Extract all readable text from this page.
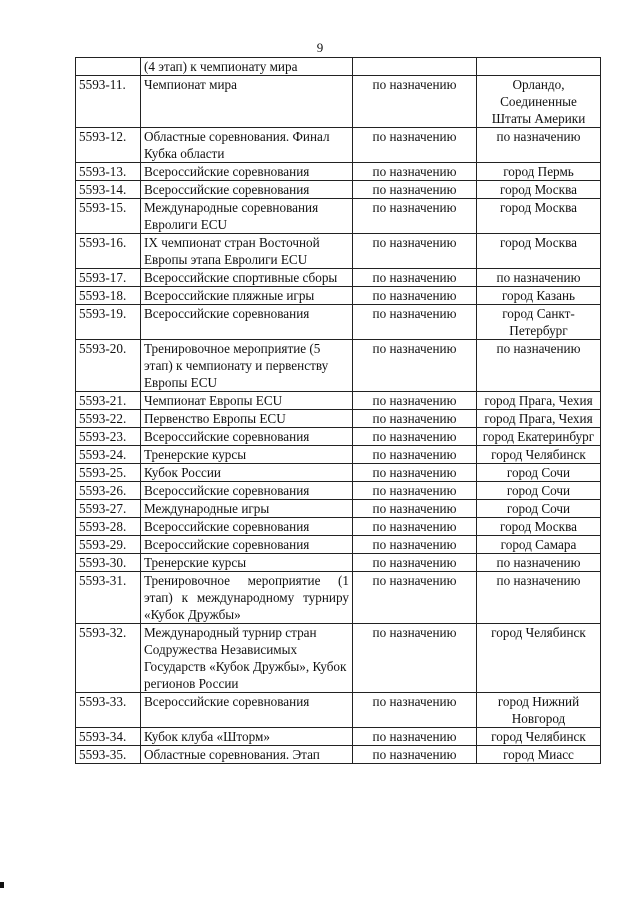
9
	(4 этап) к чемпионату мира		
5593-11.	Чемпионат мира	по назначению	Орландо, Соединенные Штаты Америки
5593-12.	Областные соревнования. Финал Кубка области	по назначению	по назначению
5593-13.	Всероссийские соревнования	по назначению	город Пермь
5593-14.	Всероссийские соревнования	по назначению	город Москва
5593-15.	Международные соревнования Евролиги ECU	по назначению	город Москва
5593-16.	IX чемпионат стран Восточной Европы этапа Евролиги ECU	по назначению	город Москва
5593-17.	Всероссийские спортивные сборы	по назначению	по назначению
5593-18.	Всероссийские пляжные игры	по назначению	город Казань
5593-19.	Всероссийские соревнования	по назначению	город Санкт-Петербург
5593-20.	Тренировочное мероприятие (5 этап) к чемпионату и первенству Европы ECU	по назначению	по назначению
5593-21.	Чемпионат Европы ECU	по назначению	город Прага, Чехия
5593-22.	Первенство Европы ECU	по назначению	город Прага, Чехия
5593-23.	Всероссийские соревнования	по назначению	город Екатеринбург
5593-24.	Тренерские курсы	по назначению	город Челябинск
5593-25.	Кубок России	по назначению	город Сочи
5593-26.	Всероссийские соревнования	по назначению	город Сочи
5593-27.	Международные игры	по назначению	город Сочи
5593-28.	Всероссийские соревнования	по назначению	город Москва
5593-29.	Всероссийские соревнования	по назначению	город Самара
5593-30.	Тренерские курсы	по назначению	по назначению
5593-31.	Тренировочное мероприятие (1 этап) к международному турниру «Кубок Дружбы»	по назначению	по назначению
5593-32.	Международный турнир стран Содружества Независимых Государств «Кубок Дружбы», Кубок регионов России	по назначению	город Челябинск
5593-33.	Всероссийские соревнования	по назначению	город Нижний Новгород
5593-34.	Кубок клуба «Шторм»	по назначению	город Челябинск
5593-35.	Областные соревнования. Этап	по назначению	город Миасс
